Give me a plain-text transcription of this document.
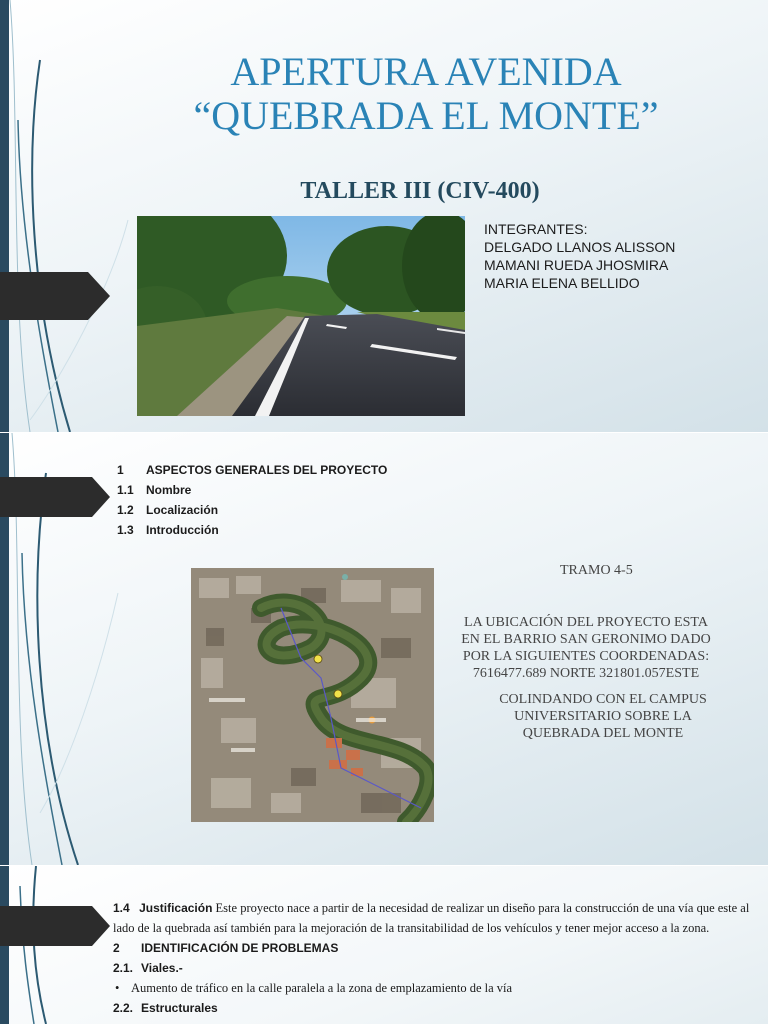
APERTURA AVENIDA
“QUEBRADA EL MONTE”
TALLER III (CIV-400)
INTEGRANTES:
DELGADO LLANOS ALISSON
MAMANI RUEDA JHOSMIRA
MARIA ELENA BELLIDO
1 ASPECTOS GENERALES DEL PROYECTO
1.1 Nombre
1.2 Localización
1.3 Introducción
TRAMO 4-5
LA UBICACIÓN DEL PROYECTO ESTA
EN EL BARRIO SAN GERONIMO DADO
POR LA SIGUIENTES COORDENADAS:
7616477.689 NORTE 321801.057ESTE
COLINDANDO CON EL CAMPUS
UNIVERSITARIO SOBRE LA
QUEBRADA DEL MONTE
1.4 Justificación Este proyecto nace a partir de la necesidad de realizar un diseño para la construcción de una vía que este al lado de la quebrada así también para la mejoración de la transitabilidad de los vehículos y tener mejor acceso a la zona.
2 IDENTIFICACIÓN DE PROBLEMAS
2.1. Viales.-
• Aumento de tráfico en la calle paralela a la zona de emplazamiento de la vía
2.2. Estructurales
